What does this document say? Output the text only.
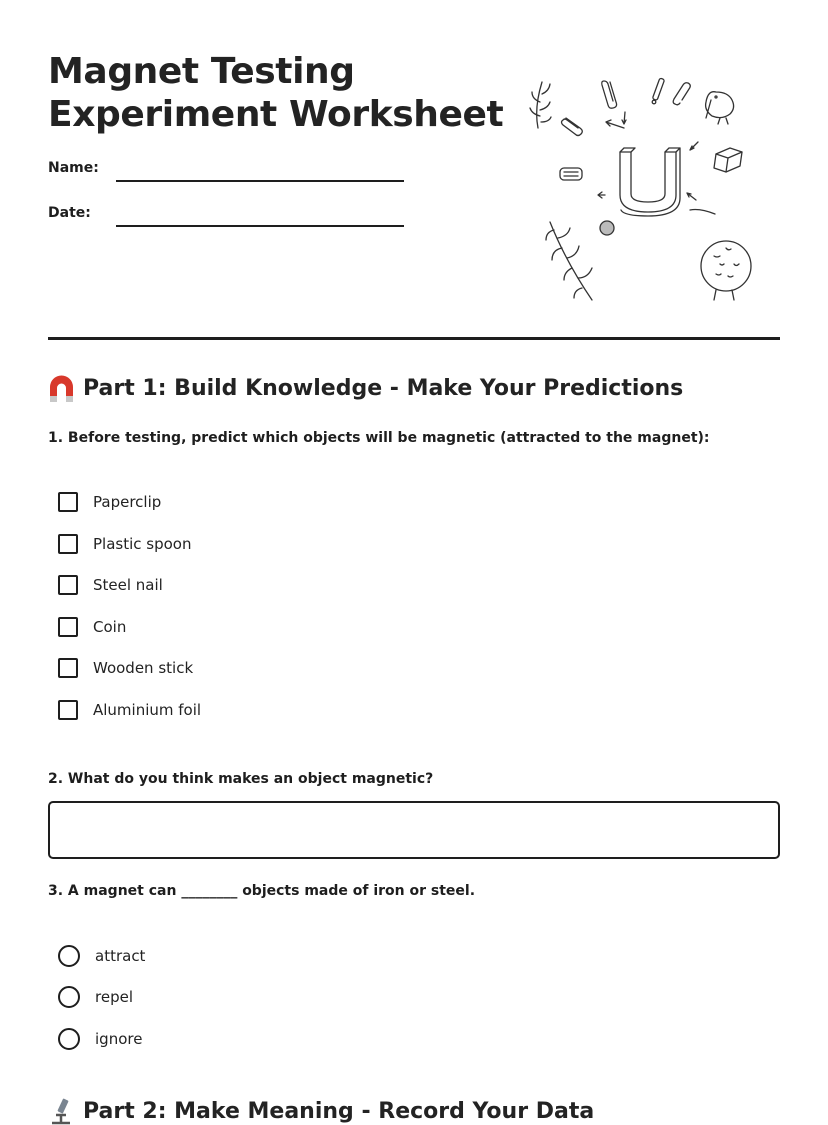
Magnet Testing
Experiment Worksheet
Name:
Date:
Part 1: Build Knowledge - Make Your Predictions
1. Before testing, predict which objects will be magnetic (attracted to the magnet):
Paperclip
Plastic spoon
Steel nail
Coin
Wooden stick
Aluminium foil
2. What do you think makes an object magnetic?
3. A magnet can ________ objects made of iron or steel.
attract
repel
ignore
Part 2: Make Meaning - Record Your Data
